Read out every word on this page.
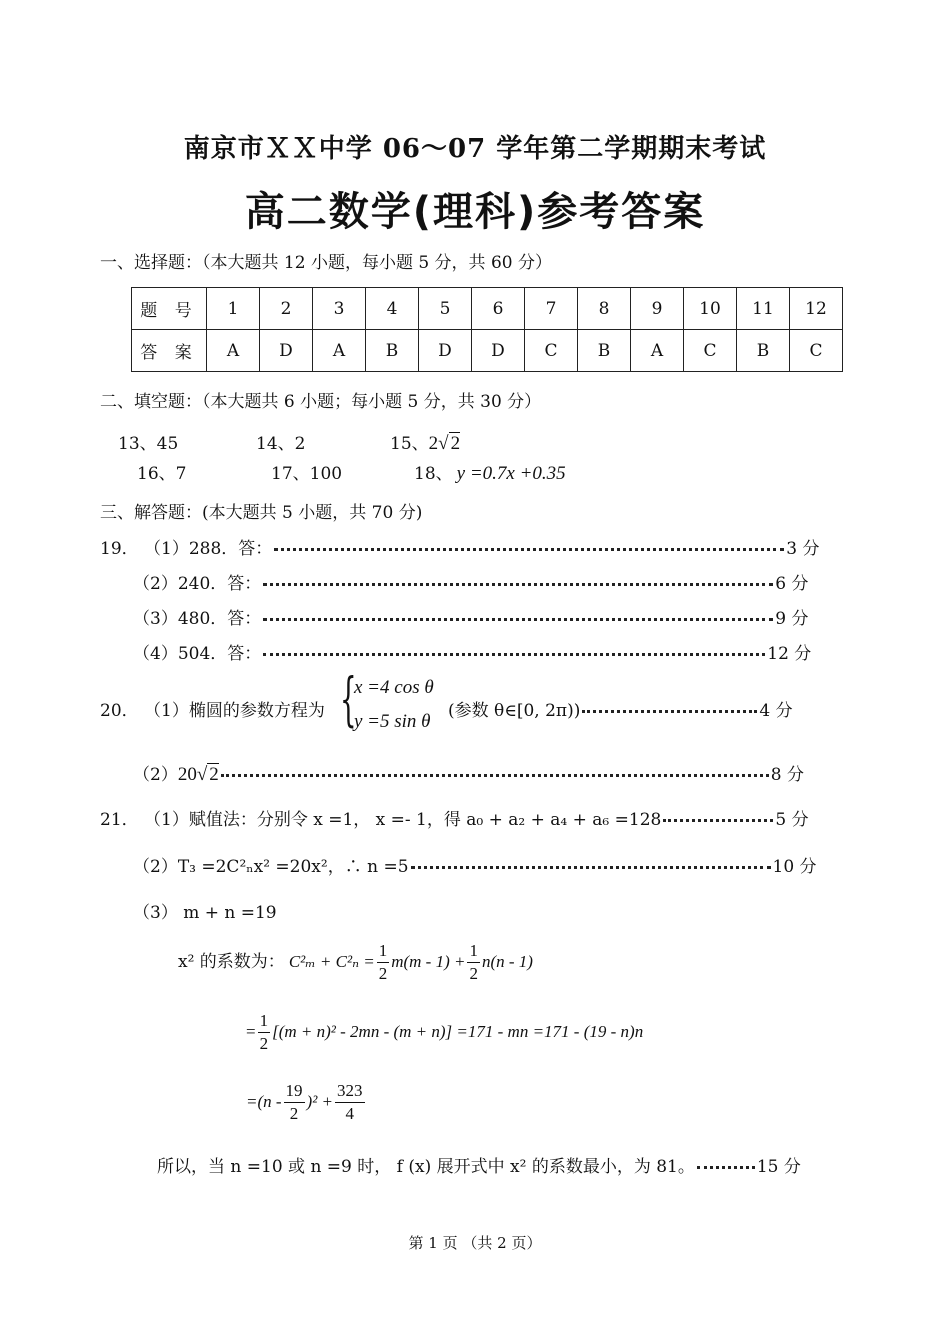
南京市ＸＸ中学 06～07 学年第二学期期末考试
高二数学(理科)参考答案
一、选择题：（本大题共 12 小题，每小题 5 分，共 60 分）
题 号	1	2	3	4	5	6	7	8	9	10	11	12
答 案	A	D	A	B	D	D	C	B	A	C	B	C
二、填空题：（本大题共 6 小题；每小题 5 分，共 30 分）
13、45	14、2	15、2√ 2
16、7	17、100	18、 y =0.7x +0.35
三、解答题：(本大题共 5 小题，共 70 分)
19． （1）288．答：	3 分
（2）240．答：	6 分
（3）480．答：	9 分
（4）504．答：	12 分
20． （1）椭圆的参数方程为 {
x =4 cos θ
y =5 sin θ (参数 θ∈[0, 2π))	4 分
（2）20√ 2	8 分
21． （1）赋值法：分别令 x =1， x =- 1，得 a₀ + a₂ + a₄ + a₆ =128	5 分
（2）T₃ =2C²ₙx² =20x²，∴ n =5	10 分
（3） m + n =19
x² 的系数为： $C^2_m + C^2_n = \frac{1}{2} m(m - 1) + \frac{1}{2} n(n - 1)$
= $\frac{1}{2} [(m + n)^2 - 2mn - (m + n)] =171$ - mn =171 - (19 - n)n
$=(n - \frac{19}{2} )^2 + \frac{323}{4}$
所以，当 n =10 或 n =9 时， f (x) 展开式中 x² 的系数最小，为 81。	15 分
第 1 页 （共 2 页）
